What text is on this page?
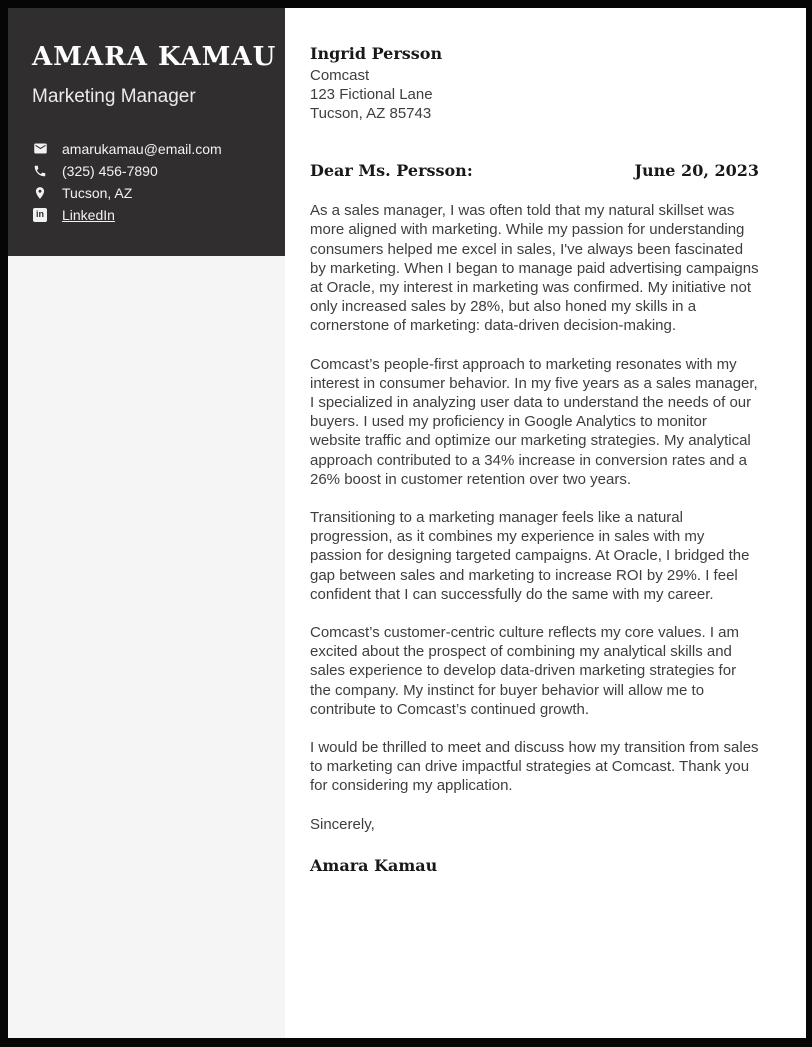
AMARA KAMAU
Marketing Manager
amarukamau@email.com
(325) 456-7890
Tucson, AZ
in LinkedIn
Ingrid Persson
Comcast
123 Fictional Lane
Tucson, AZ 85743
Dear Ms. Persson:	June 20, 2023

As a sales manager, I was often told that my natural skillset was more aligned with marketing. While my passion for understanding consumers helped me excel in sales, I've always been fascinated by marketing. When I began to manage paid advertising campaigns at Oracle, my interest in marketing was confirmed. My initiative not only increased sales by 28%, but also honed my skills in a cornerstone of marketing: data-driven decision-making.

Comcast’s people-first approach to marketing resonates with my interest in consumer behavior. In my five years as a sales manager, I specialized in analyzing user data to understand the needs of our buyers. I used my proficiency in Google Analytics to monitor website traffic and optimize our marketing strategies. My analytical approach contributed to a 34% increase in conversion rates and a 26% boost in customer retention over two years.

Transitioning to a marketing manager feels like a natural progression, as it combines my experience in sales with my passion for designing targeted campaigns. At Oracle, I bridged the gap between sales and marketing to increase ROI by 29%. I feel confident that I can successfully do the same with my career.

Comcast’s customer-centric culture reflects my core values. I am excited about the prospect of combining my analytical skills and sales experience to develop data-driven marketing strategies for the company. My instinct for buyer behavior will allow me to contribute to Comcast’s continued growth.

I would be thrilled to meet and discuss how my transition from sales to marketing can drive impactful strategies at Comcast. Thank you for considering my application.

Sincerely,

Amara Kamau
